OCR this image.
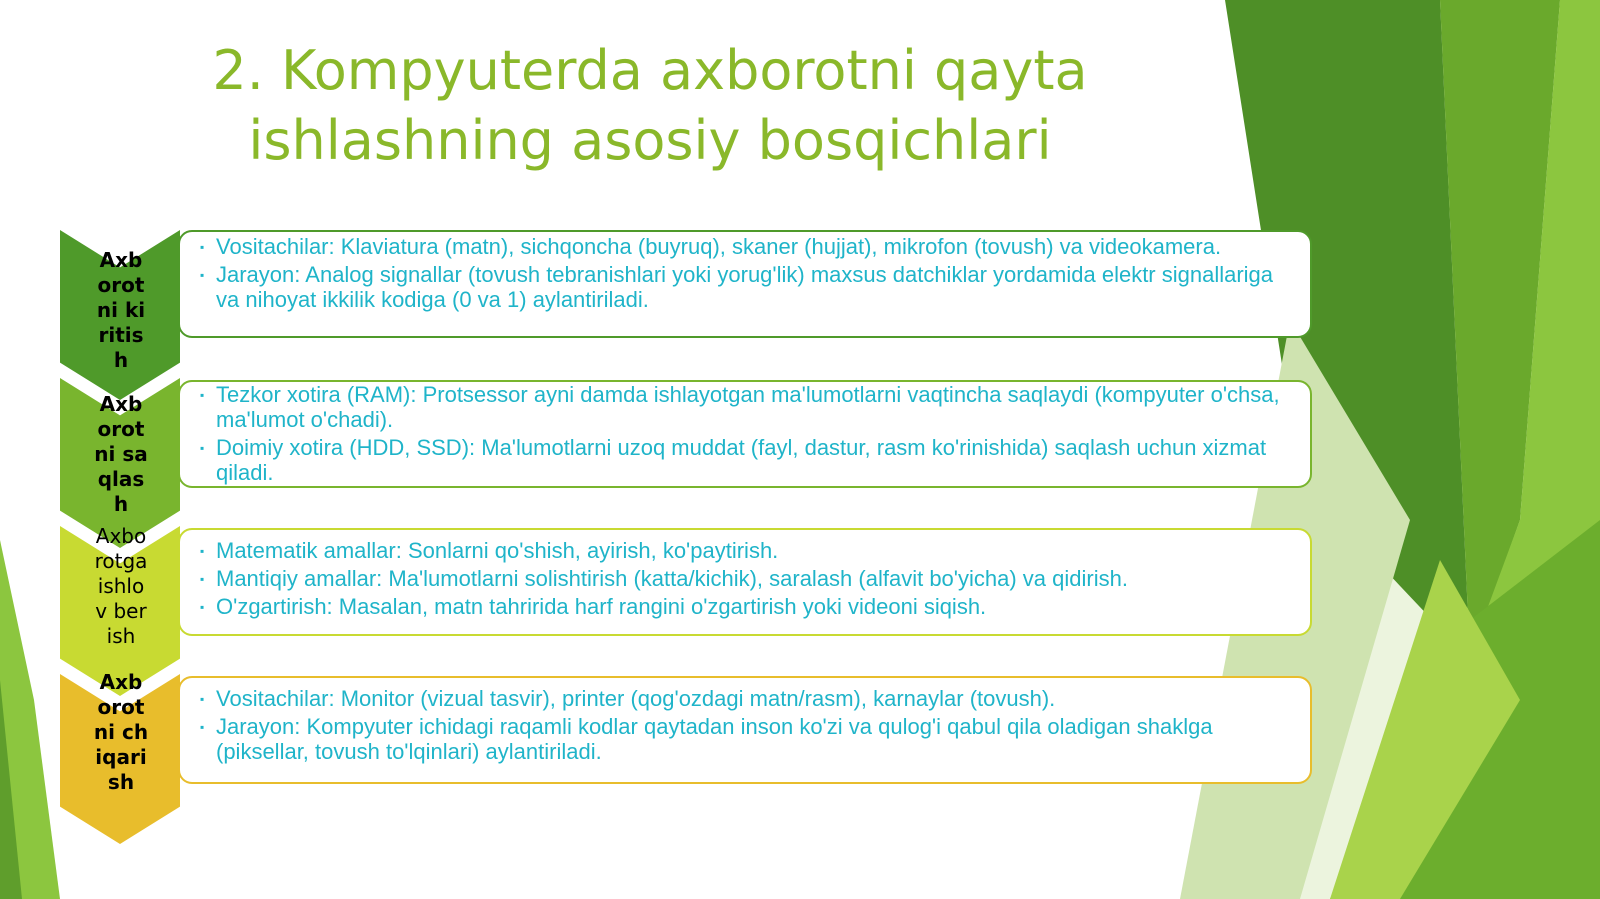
2. Kompyuterda axborotni qayta
ishlashning asosiy bosqichlari
Axborotni kiritish
▪ Vositachilar: Klaviatura (matn), sichqoncha (buyruq), skaner (hujjat), mikrofon (tovush) va videokamera.
▪ Jarayon: Analog signallar (tovush tebranishlari yoki yorug'lik) maxsus datchiklar yordamida elektr signallariga va nihoyat ikkilik kodiga (0 va 1) aylantiriladi.
Axborotni saqlash
▪ Tezkor xotira (RAM): Protsessor ayni damda ishlayotgan ma'lumotlarni vaqtincha saqlaydi (kompyuter o'chsa, ma'lumot o'chadi).
▪ Doimiy xotira (HDD, SSD): Ma'lumotlarni uzoq muddat (fayl, dastur, rasm ko'rinishida) saqlash uchun xizmat qiladi.
Axborotga ishlov berish
▪ Matematik amallar: Sonlarni qo'shish, ayirish, ko'paytirish.
▪ Mantiqiy amallar: Ma'lumotlarni solishtirish (katta/kichik), saralash (alfavit bo'yicha) va qidirish.
▪ O'zgartirish: Masalan, matn tahririda harf rangini o'zgartirish yoki videoni siqish.
Axborotni chiqarish
▪ Vositachilar: Monitor (vizual tasvir), printer (qog'ozdagi matn/rasm), karnaylar (tovush).
▪ Jarayon: Kompyuter ichidagi raqamli kodlar qaytadan inson ko'zi va qulog'i qabul qila oladigan shaklga (piksellar, tovush to'lqinlari) aylantiriladi.
